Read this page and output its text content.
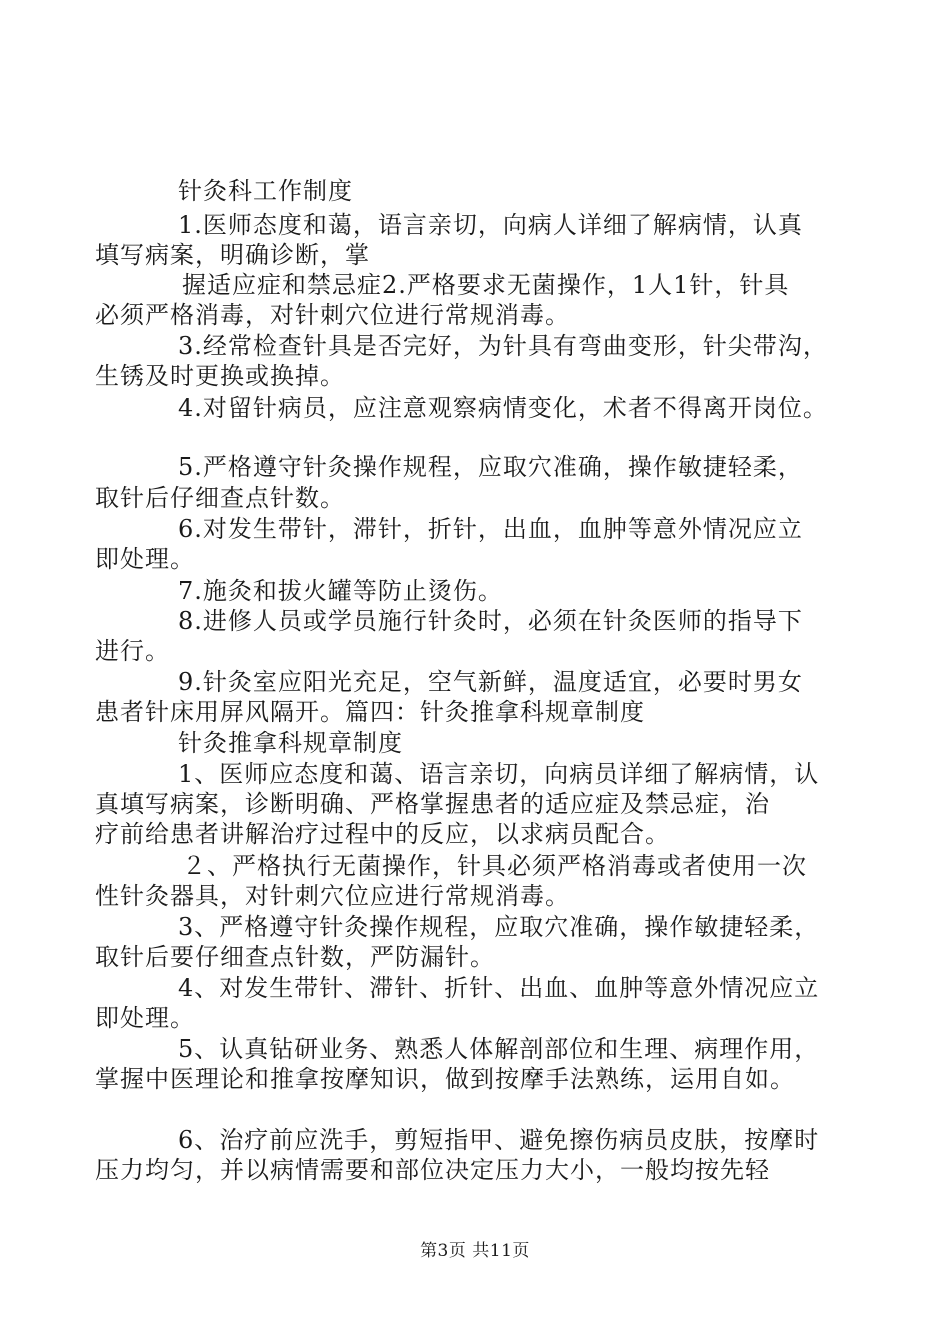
针灸科工作制度
1.医师态度和蔼，语言亲切，向病人详细了解病情，认真
填写病案，明确诊断，掌
握适应症和禁忌症2.严格要求无菌操作，1人1针，针具
必须严格消毒，对针刺穴位进行常规消毒。
3.经常检查针具是否完好，为针具有弯曲变形，针尖带沟，
生锈及时更换或换掉。
4.对留针病员，应注意观察病情变化，术者不得离开岗位。
5.严格遵守针灸操作规程，应取穴准确，操作敏捷轻柔，
取针后仔细查点针数。
6.对发生带针，滞针，折针，出血，血肿等意外情况应立
即处理。
7.施灸和拔火罐等防止烫伤。
8.进修人员或学员施行针灸时，必须在针灸医师的指导下
进行。
9.针灸室应阳光充足，空气新鲜，温度适宜，必要时男女
患者针床用屏风隔开。篇四：针灸推拿科规章制度
针灸推拿科规章制度
1、医师应态度和蔼、语言亲切，向病员详细了解病情，认
真填写病案，诊断明确、严格掌握患者的适应症及禁忌症，治
疗前给患者讲解治疗过程中的反应，以求病员配合。
２、严格执行无菌操作，针具必须严格消毒或者使用一次
性针灸器具，对针刺穴位应进行常规消毒。
3、严格遵守针灸操作规程，应取穴准确，操作敏捷轻柔，
取针后要仔细查点针数，严防漏针。
4、对发生带针、滞针、折针、出血、血肿等意外情况应立
即处理。
5、认真钻研业务、熟悉人体解剖部位和生理、病理作用，
掌握中医理论和推拿按摩知识，做到按摩手法熟练，运用自如。
6、治疗前应洗手，剪短指甲、避免擦伤病员皮肤，按摩时
压力均匀，并以病情需要和部位决定压力大小，一般均按先轻
第3页 共11页
